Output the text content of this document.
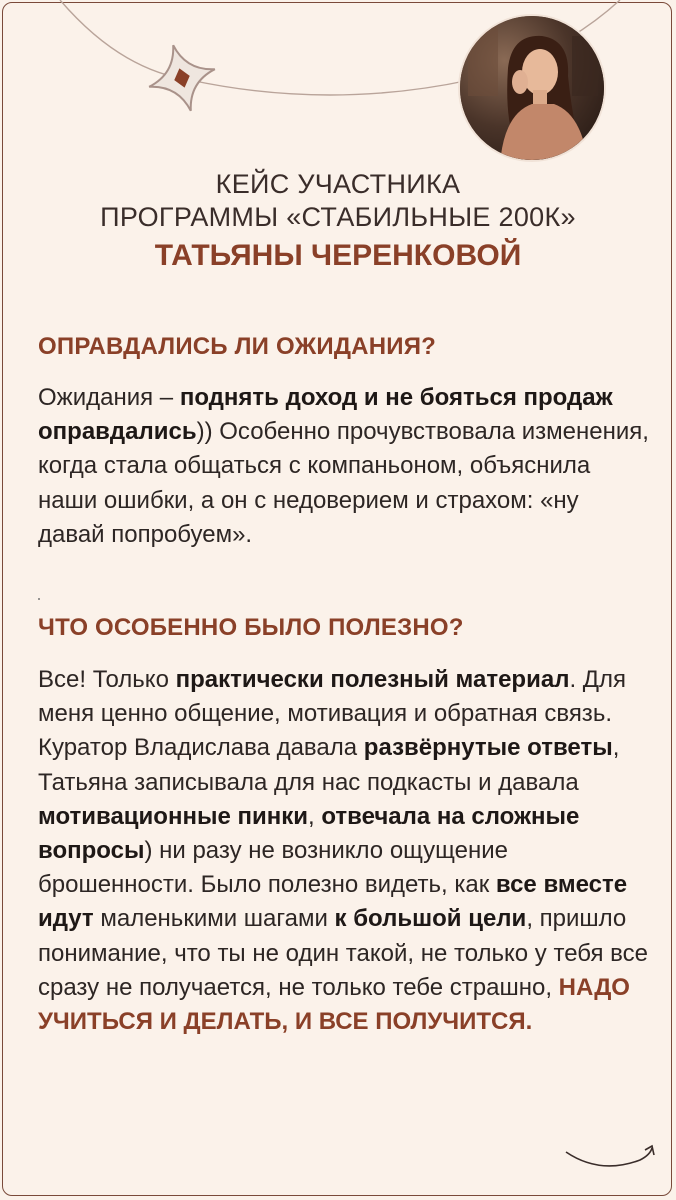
КЕЙС УЧАСТНИКА
ПРОГРАММЫ «СТАБИЛЬНЫЕ 200К»
ТАТЬЯНЫ ЧЕРЕНКОВОЙ
ОПРАВДАЛИСЬ ЛИ ОЖИДАНИЯ?
Ожидания – поднять доход и не бояться продаж оправдались)) Особенно прочувствовала изменения, когда стала общаться с компаньоном, объяснила наши ошибки, а он с недоверием и страхом: «ну давай попробуем».
ЧТО ОСОБЕННО БЫЛО ПОЛЕЗНО?
Все! Только практически полезный материал. Для меня ценно общение, мотивация и обратная связь. Куратор Владислава давала развёрнутые ответы, Татьяна записывала для нас подкасты и давала мотивационные пинки, отвечала на сложные вопросы) ни разу не возникло ощущение брошенности. Было полезно видеть, как все вместе идут маленькими шагами к большой цели, пришло понимание, что ты не один такой, не только у тебя все сразу не получается, не только тебе страшно, НАДО УЧИТЬСЯ И ДЕЛАТЬ, И ВСЕ ПОЛУЧИТСЯ.
